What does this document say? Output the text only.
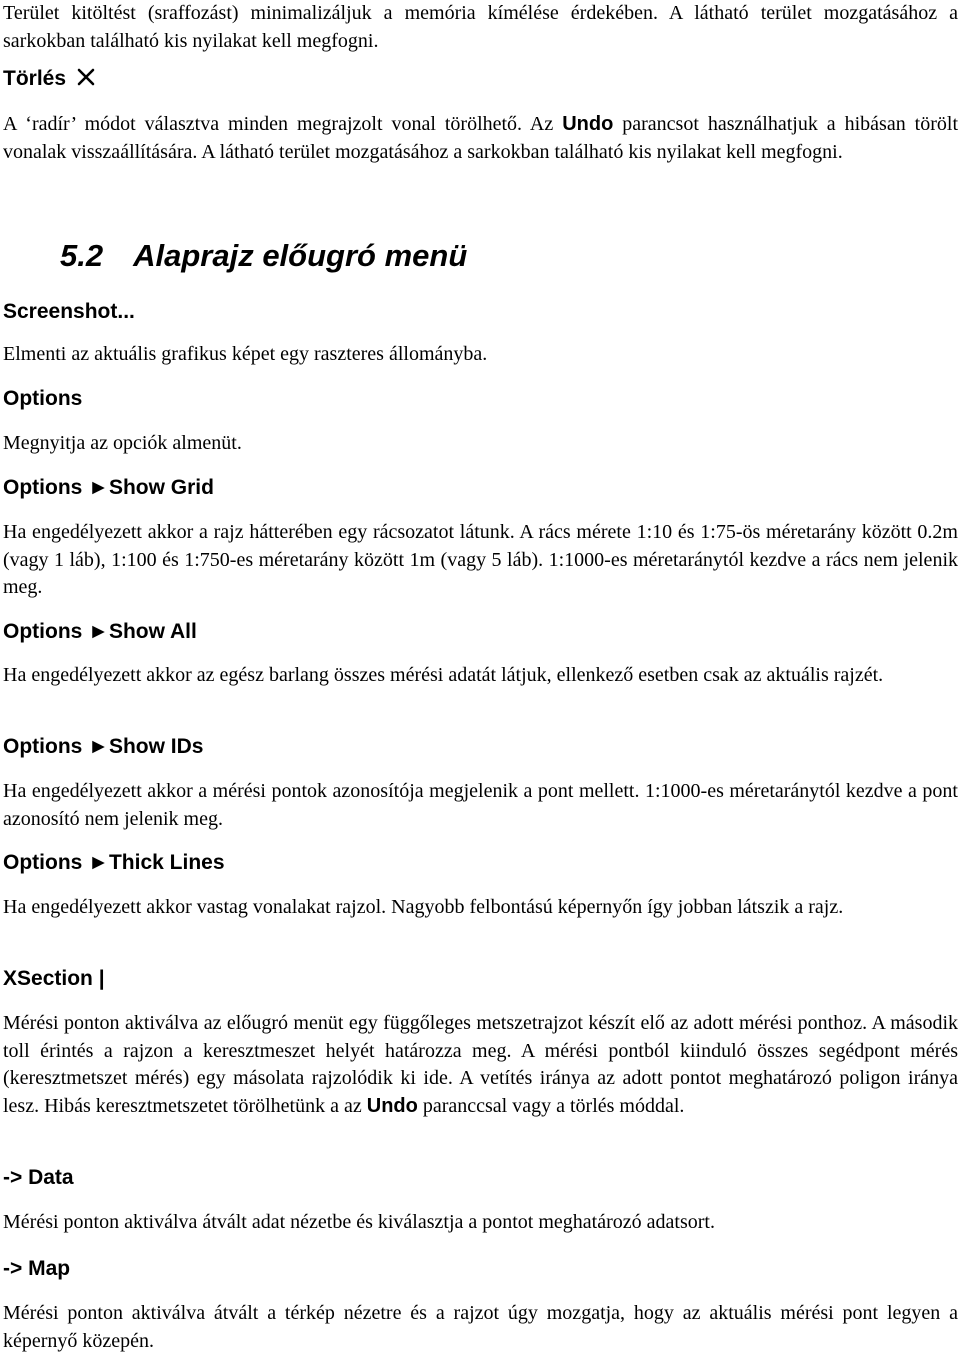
Terület kitöltést (sraffozást) minimalizáljuk a memória kímélése érdekében. A látható terület mozgatásához a sarkokban található kis nyilakat kell megfogni.

Törlés

A ‘radír’ módot választva minden megrajzolt vonal törölhető. Az Undo parancsot használhatjuk a hibásan törölt vonalak visszaállítására. A látható terület mozgatásához a sarkokban található kis nyilakat kell megfogni.

5.2 Alaprajz előugró menü

Screenshot...

Elmenti az aktuális grafikus képet egy raszteres állományba.

Options

Megnyitja az opciók almenüt.

Options ►Show Grid

Ha engedélyezett akkor a rajz hátterében egy rácsozatot látunk. A rács mérete 1:10 és 1:75-ös méretarány között 0.2m (vagy 1 láb), 1:100 és 1:750-es méretarány között 1m (vagy 5 láb). 1:1000-es méretaránytól kezdve a rács nem jelenik meg.

Options ►Show All

Ha engedélyezett akkor az egész barlang összes mérési adatát látjuk, ellenkező esetben csak az aktuális rajzét.

Options ►Show IDs

Ha engedélyezett akkor a mérési pontok azonosítója megjelenik a pont mellett. 1:1000-es méretaránytól kezdve a pont azonosító nem jelenik meg.

Options ►Thick Lines

Ha engedélyezett akkor vastag vonalakat rajzol. Nagyobb felbontású képernyőn így jobban látszik a rajz.

XSection |

Mérési ponton aktiválva az előugró menüt egy függőleges metszetrajzot készít elő az adott mérési ponthoz. A második toll érintés a rajzon a keresztmeszet helyét határozza meg. A mérési pontból kiinduló összes segédpont mérés (keresztmetszet mérés) egy másolata rajzolódik ki ide. A vetítés iránya az adott pontot meghatározó poligon iránya lesz. Hibás keresztmetszetet törölhetünk a az Undo paranccsal vagy a törlés móddal.

-> Data

Mérési ponton aktiválva átvált adat nézetbe és kiválasztja a pontot meghatározó adatsort.

-> Map

Mérési ponton aktiválva átvált a térkép nézetre és a rajzot úgy mozgatja, hogy az aktuális mérési pont legyen a képernyő közepén.
